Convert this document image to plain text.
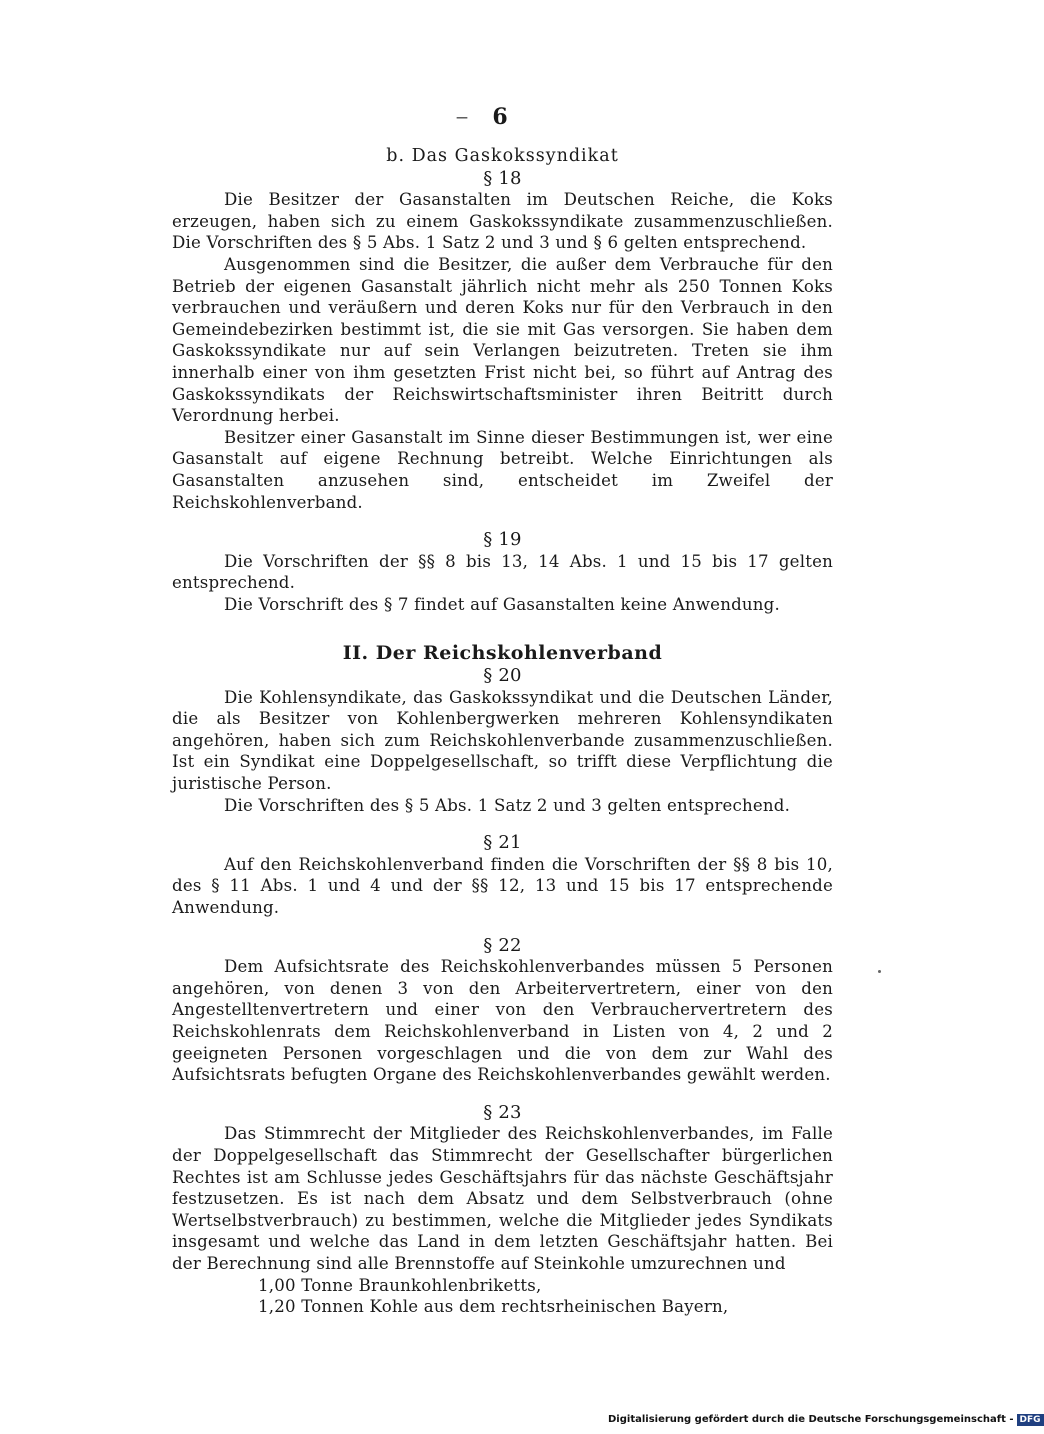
— 6
b. Das Gaskokssyndikat
§ 18

Die Besitzer der Gasanstalten im Deutschen Reiche, die Koks erzeugen, haben sich zu einem Gaskokssyndikate zusammenzuschließen. Die Vorschriften des § 5 Abs. 1 Satz 2 und 3 und § 6 gelten entsprechend.

Ausgenommen sind die Besitzer, die außer dem Verbrauche für den Betrieb der eigenen Gasanstalt jährlich nicht mehr als 250 Tonnen Koks verbrauchen und veräußern und deren Koks nur für den Verbrauch in den Gemeindebezirken bestimmt ist, die sie mit Gas versorgen. Sie haben dem Gaskokssyndikate nur auf sein Verlangen beizutreten. Treten sie ihm innerhalb einer von ihm gesetzten Frist nicht bei, so führt auf Antrag des Gaskokssyndikats der Reichswirtschaftsminister ihren Beitritt durch Verordnung herbei.

Besitzer einer Gasanstalt im Sinne dieser Bestimmungen ist, wer eine Gasanstalt auf eigene Rechnung betreibt. Welche Einrichtungen als Gasanstalten anzusehen sind, entscheidet im Zweifel der Reichskohlenverband.

§ 19

Die Vorschriften der §§ 8 bis 13, 14 Abs. 1 und 15 bis 17 gelten entsprechend.

Die Vorschrift des § 7 findet auf Gasanstalten keine Anwendung.

II. Der Reichskohlenverband
§ 20

Die Kohlensyndikate, das Gaskokssyndikat und die Deutschen Länder, die als Besitzer von Kohlenbergwerken mehreren Kohlensyndikaten angehören, haben sich zum Reichskohlenverbande zusammenzuschließen. Ist ein Syndikat eine Doppelgesellschaft, so trifft diese Verpflichtung die juristische Person.

Die Vorschriften des § 5 Abs. 1 Satz 2 und 3 gelten entsprechend.

§ 21

Auf den Reichskohlenverband finden die Vorschriften der §§ 8 bis 10, des § 11 Abs. 1 und 4 und der §§ 12, 13 und 15 bis 17 entsprechende Anwendung.

§ 22

Dem Aufsichtsrate des Reichskohlenverbandes müssen 5 Personen angehören, von denen 3 von den Arbeitervertretern, einer von den Angestelltenvertretern und einer von den Verbrauchervertretern des Reichskohlenrats dem Reichskohlenverband in Listen von 4, 2 und 2 geeigneten Personen vorgeschlagen und die von dem zur Wahl des Aufsichtsrats befugten Organe des Reichskohlenverbandes gewählt werden.

§ 23

Das Stimmrecht der Mitglieder des Reichskohlenverbandes, im Falle der Doppelgesellschaft das Stimmrecht der Gesellschafter bürgerlichen Rechtes ist am Schlusse jedes Geschäftsjahrs für das nächste Geschäftsjahr festzusetzen. Es ist nach dem Absatz und dem Selbstverbrauch (ohne Wertselbstverbrauch) zu bestimmen, welche die Mitglieder jedes Syndikats insgesamt und welche das Land in dem letzten Geschäftsjahr hatten. Bei der Berechnung sind alle Brennstoffe auf Steinkohle umzurechnen und

1,00 Tonne Braunkohlenbriketts,

1,20 Tonnen Kohle aus dem rechtsrheinischen Bayern,

Digitalisierung gefördert durch die Deutsche Forschungsgemeinschaft - DFG
